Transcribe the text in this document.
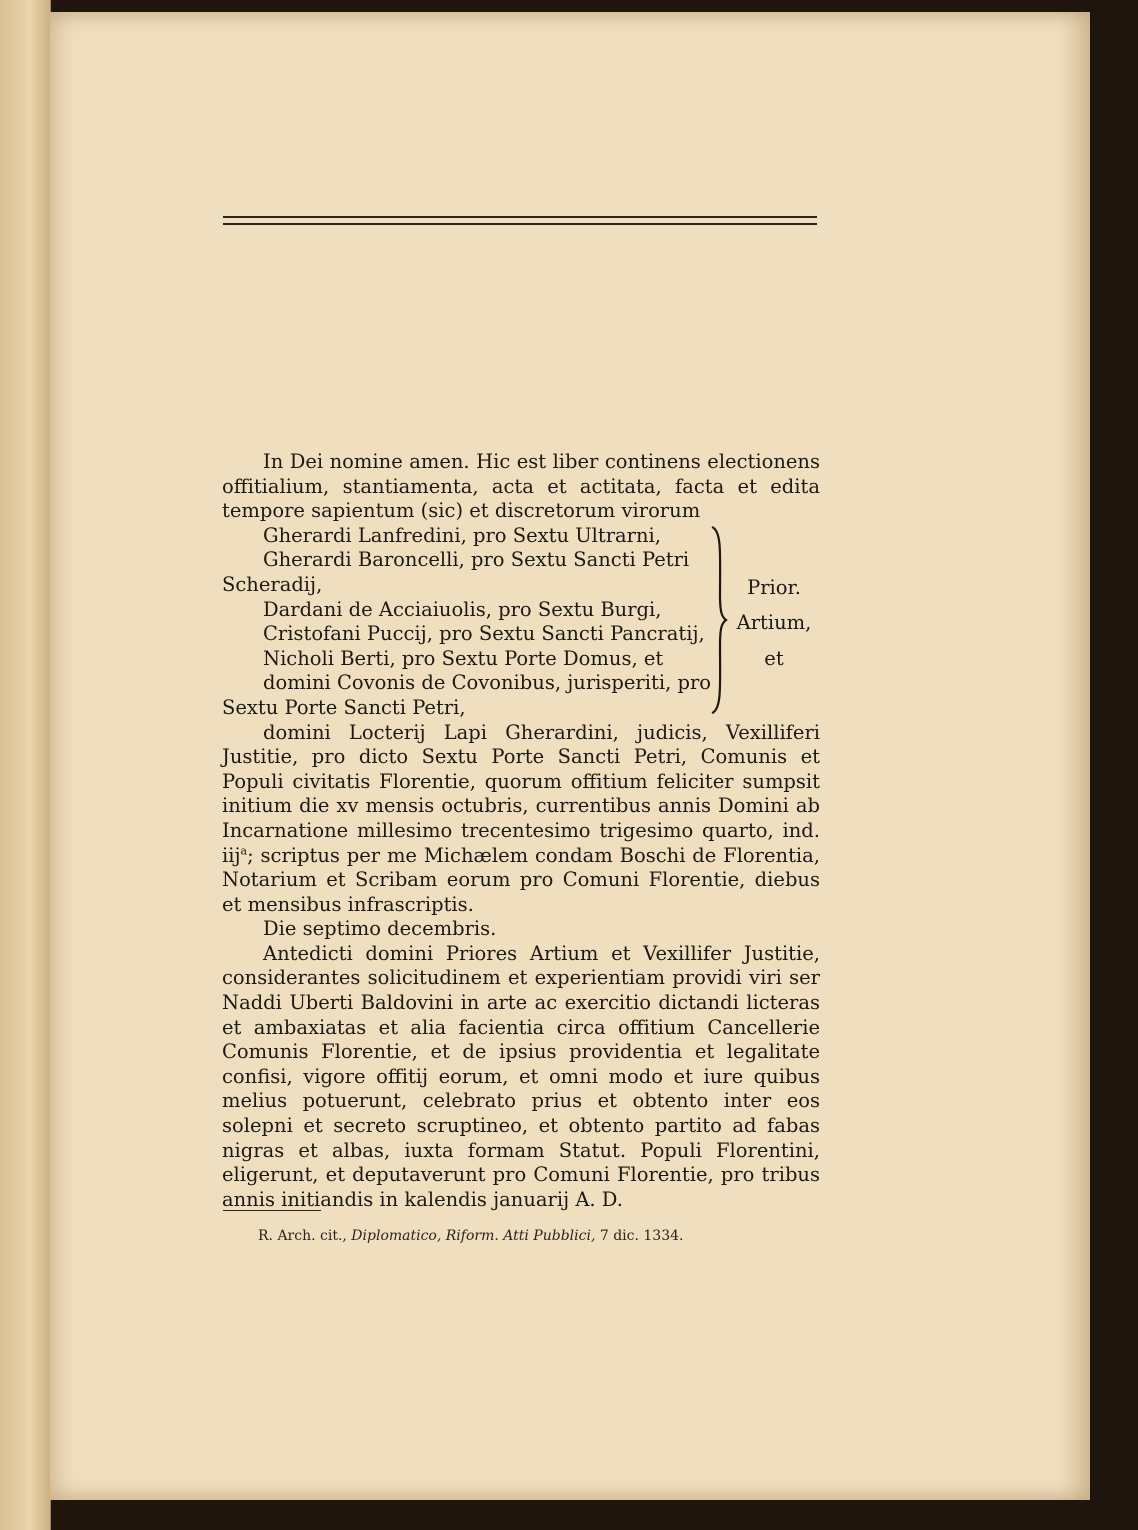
In Dei nomine amen. Hic est liber continens electionens offitialium, stantiamenta, acta et actitata, facta et edita tempore sapientum (sic) et discretorum virorum

Gherardi Lanfredini, pro Sextu Ultrarni,

Gherardi Baroncelli, pro Sextu Sancti Petri

Scheradij,

Dardani de Acciaiuolis, pro Sextu Burgi,

Cristofani Puccij, pro Sextu Sancti Pancratij,

Nicholi Berti, pro Sextu Porte Domus, et

domini Covonis de Covonibus, jurisperiti, pro

Sextu Porte Sancti Petri,

domini Locterij Lapi Gherardini, judicis, Vexilliferi Justitie, pro dicto Sextu Porte Sancti Petri, Comunis et Populi civitatis Florentie, quorum offitium feliciter sumpsit initium die xv mensis octubris, currentibus annis Domini ab Incarnatione millesimo trecentesimo trigesimo quarto, ind. iij$^a$; scriptus per me Michælem condam Boschi de Florentia, Notarium et Scribam eorum pro Comuni Florentie, diebus et mensibus infrascriptis.

Die septimo decembris.

Antedicti domini Priores Artium et Vexillifer Justitie, considerantes solicitudinem et experientiam providi viri ser Naddi Uberti Baldovini in arte ac exercitio dictandi licteras et ambaxiatas et alia facientia circa offitium Cancellerie Comunis Florentie, et de ipsius providentia et legalitate confisi, vigore offitij eorum, et omni modo et iure quibus melius potuerunt, celebrato prius et obtento inter eos solepni et secreto scruptineo, et obtento partito ad fabas nigras et albas, iuxta formam Statut. Populi Florentini, eligerunt, et deputaverunt pro Comuni Florentie, pro tribus annis initiandis in kalendis januarij A. D.

Prior.
Artium,
et
R. Arch. cit., Diplomatico, Riform. Atti Pubblici, 7 dic. 1334.
